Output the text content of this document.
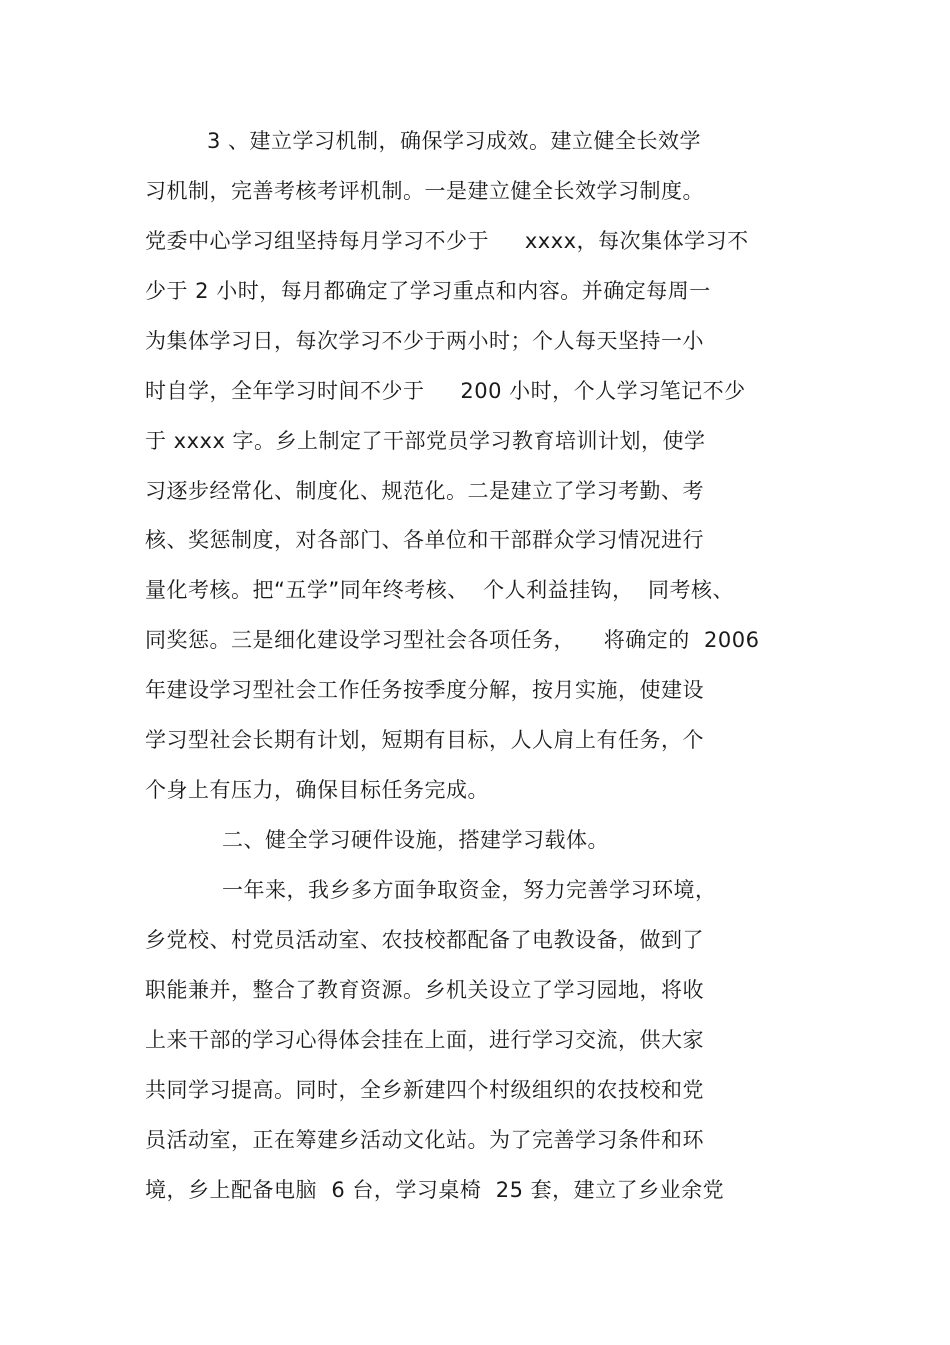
3 、建立学习机制，确保学习成效。建立健全长效学
习机制，完善考核考评机制。一是建立健全长效学习制度。
党委中心学习组坚持每月学习不少于     xxxx，每次集体学习不
少于 2 小时，每月都确定了学习重点和内容。并确定每周一
为集体学习日，每次学习不少于两小时；个人每天坚持一小
时自学，全年学习时间不少于     200 小时，个人学习笔记不少
于 xxxx 字。乡上制定了干部党员学习教育培训计划，使学
习逐步经常化、制度化、规范化。二是建立了学习考勤、考
核、奖惩制度，对各部门、各单位和干部群众学习情况进行
量化考核。把“五学”同年终考核、  个人利益挂钩，  同考核、
同奖惩。三是细化建设学习型社会各项任务，    将确定的  2006
年建设学习型社会工作任务按季度分解，按月实施，使建设
学习型社会长期有计划，短期有目标，人人肩上有任务，个
个身上有压力，确保目标任务完成。
二、健全学习硬件设施，搭建学习载体。
一年来，我乡多方面争取资金，努力完善学习环境，
乡党校、村党员活动室、农技校都配备了电教设备，做到了
职能兼并，整合了教育资源。乡机关设立了学习园地，将收
上来干部的学习心得体会挂在上面，进行学习交流，供大家
共同学习提高。同时，全乡新建四个村级组织的农技校和党
员活动室，正在筹建乡活动文化站。为了完善学习条件和环
境，乡上配备电脑  6 台，学习桌椅  25 套，建立了乡业余党
